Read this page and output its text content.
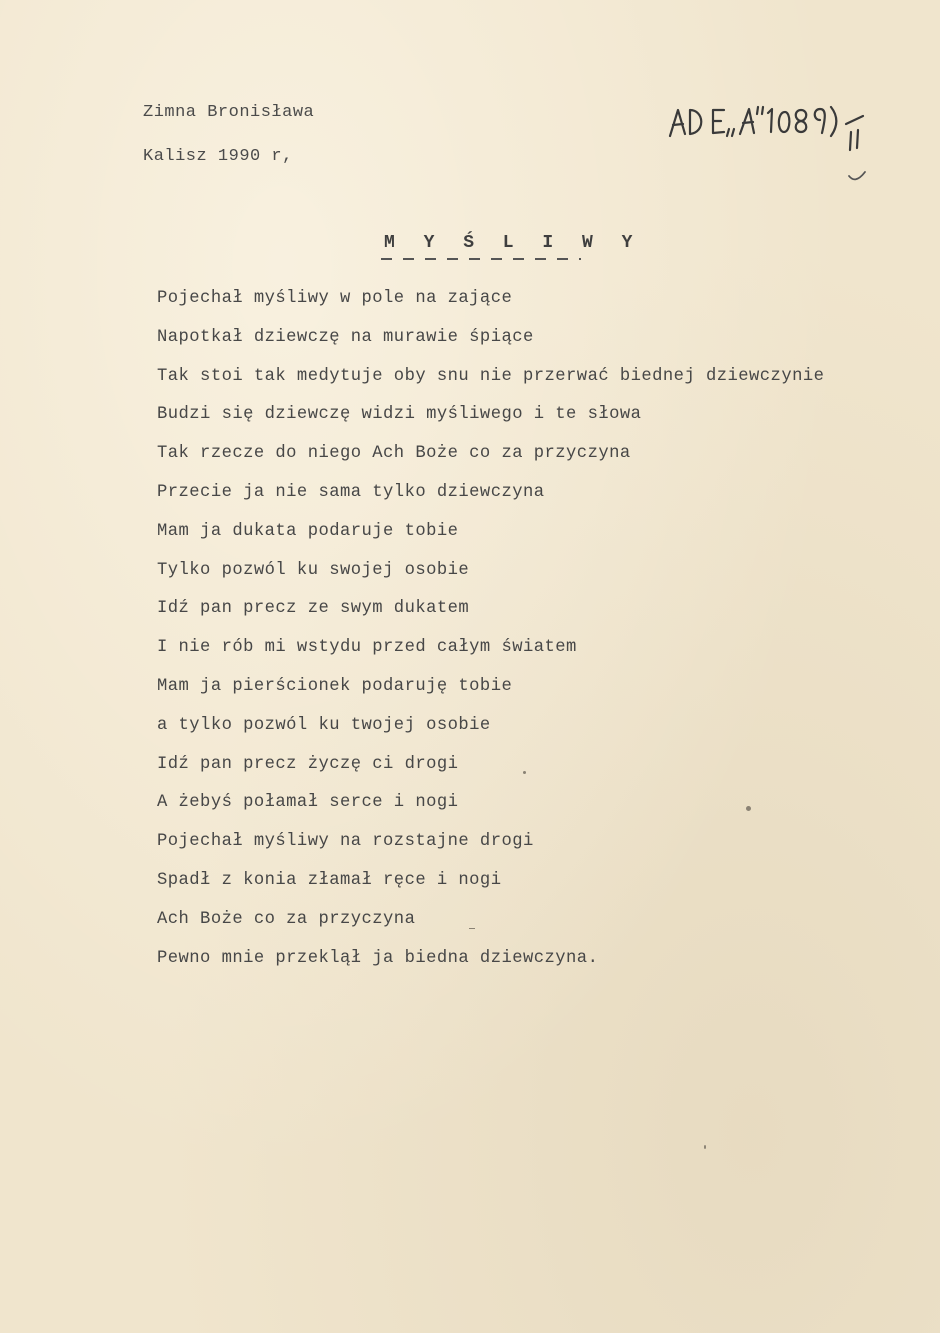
Zimna Bronisława
Kalisz 1990 r,
M Y Ś L I W Y
Pojechał myśliwy w pole na zające
Napotkał dziewczę na murawie śpiące
Tak stoi tak medytuje oby snu nie przerwać biednej dziewczynie
Budzi się dziewczę widzi myśliwego i te słowa
Tak rzecze do niego Ach Boże co za przyczyna
Przecie ja nie sama tylko dziewczyna
Mam ja dukata podaruje tobie
Tylko pozwól ku swojej osobie
Idź pan precz ze swym dukatem
I nie rób mi wstydu przed całym światem
Mam ja pierścionek podaruję tobie
a tylko pozwól ku twojej osobie
Idź pan precz życzę ci drogi
A żebyś połamał serce i nogi
Pojechał myśliwy na rozstajne drogi
Spadł z konia złamał ręce i nogi
Ach Boże co za przyczyna
Pewno mnie przeklął ja biedna dziewczyna.
